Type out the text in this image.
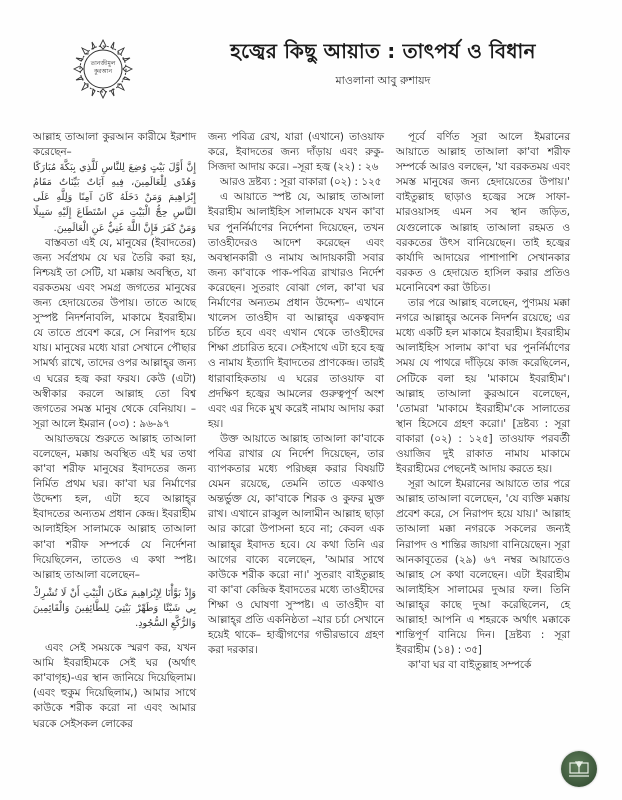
তানজীমুল কুরআন
হজ্বের কিছু আয়াত : তাৎপর্য ও বিধান
মাওলানা আবু রুশায়দ

আল্লাহ তাআলা কুরআন কারীমে ইরশাদ করেছেন–

إِنَّ أَوَّلَ بَيْتٍ وُضِعَ لِلنَّاسِ لَلَّذِي بِبَكَّةَ مُبَارَكًا وَهُدًى لِلْعَالَمِينَ، فِيهِ آيَاتٌ بَيِّنَاتٌ مَقَامُ إِبْرَاهِيمَ وَمَنْ دَخَلَهُ كَانَ آمِنًا وَلِلَّهِ عَلَى النَّاسِ حِجُّ الْبَيْتِ مَنِ اسْتَطَاعَ إِلَيْهِ سَبِيلًا وَمَنْ كَفَرَ فَإِنَّ اللَّهَ غَنِيٌّ عَنِ الْعَالَمِينَ.

বাস্তবতা এই যে, মানুষের (ইবাদতের) জন্য সর্বপ্রথম যে ঘর তৈরি করা হয়, নিশ্চয়ই তা সেটি, যা মক্কায় অবস্থিত, যা বরকতময় এবং সমগ্র জগতের মানুষের জন্য হেদায়েতের উপায়। তাতে আছে সুস্পষ্ট নিদর্শনাবলি, মাকামে ইবরাহীম। যে তাতে প্রবেশ করে, সে নিরাপদ হয়ে যায়। মানুষের মধ্যে যারা সেখানে পৌছার সামর্থ্য রাখে, তাদের ওপর আল্লাহ্‌র জন্য এ ঘরের হজ্ব করা ফরয। কেউ (এটা) অস্বীকার করলে আল্লাহ তো বিশ্ব জগতের সমস্ত মানুষ থেকে বেনিয়ায। –সূরা আলে ইমরান (০৩) : ৯৬-৯৭

আয়াতদ্বয়ে শুরুতে আল্লাহ তাআলা বলেছেন, মক্কায় অবস্থিত এই ঘর তথা কা'বা শরীফ মানুষের ইবাদতের জন্য নির্মিত প্রথম ঘর। কা'বা ঘর নির্মাণের উদ্দেশ্য হল, এটা হবে আল্লাহ্‌র ইবাদতের অন্যতম প্রধান কেন্দ্র। ইবরাহীম আলাইহিস সালামকে আল্লাহ তাআলা কা'বা শরীফ সম্পর্কে যে নির্দেশনা দিয়েছিলেন, তাতেও এ কথা স্পষ্ট। আল্লাহ তাআলা বলেছেন–

وَإِذْ بَوَّأْنَا لِإِبْرَاهِيمَ مَكَانَ الْبَيْتِ أَنْ لَا تُشْرِكْ بِي شَيْئًا وَطَهِّرْ بَيْتِيَ لِلطَّائِفِينَ وَالْقَائِمِينَ وَالرُّكَّعِ السُّجُودِ.

এবং সেই সময়কে স্মরণ কর, যখন আমি ইবরাহীমকে সেই ঘর (অর্থাৎ কা'বাগৃহ)-এর স্থান জানিয়ে দিয়েছিলাম। (এবং হুকুম দিয়েছিলাম,) আমার সাথে কাউকে শরীক করো না এবং আমার ঘরকে সেইসকল লোকের

জন্য পবিত্র রেখ, যারা (এখানে) তাওয়াফ করে, ইবাদতের জন্য দাঁড়ায় এবং রুকু-সিজদা আদায় করে। –সূরা হজ্ব (২২) : ২৬

আরও দ্রষ্টব্য : সূরা বাকারা (০২) : ১২৫

এ আয়াতে স্পষ্ট যে, আল্লাহ তাআলা ইবরাহীম আলাইহিস সালামকে যখন কা'বা ঘর পুনর্নির্মাণের নির্দেশনা দিয়েছেন, তখন তাওহীদেরও আদেশ করেছেন এবং অবস্থানকারী ও নামায আদায়কারী সবার জন্য কা'বাকে পাক-পবিত্র রাখারও নির্দেশ করেছেন। সুতরাং বোঝা গেল, কা'বা ঘর নির্মাণের অন্যতম প্রধান উদ্দেশ্য– এখানে খালেস তাওহীদ বা আল্লাহ্‌র একত্ববাদ চর্চিত হবে এবং এখান থেকে তাওহীদের শিক্ষা প্রচারিত হবে। সেইসাথে এটা হবে হজ্ব ও নামায ইত্যাদি ইবাদতের প্রাণকেন্দ্র। তারই ধারাবাহিকতায় এ ঘরের তাওয়াফ বা প্রদক্ষিণ হজ্বের আমলের গুরুত্বপূর্ণ অংশ এবং এর দিকে মুখ করেই নামায আদায় করা হয়।

উক্ত আয়াতে আল্লাহ তাআলা কা'বাকে পবিত্র রাখার যে নির্দেশ দিয়েছেন, তার ব্যাপকতার মধ্যে পরিচ্ছন্ন করার বিষয়টি যেমন রয়েছে, তেমনি তাতে একথাও অন্তর্ভুক্ত যে, কা'বাকে শিরক ও কুফর মুক্ত রাখ। এখানে রাব্বুল আলামীন আল্লাহ ছাড়া আর কারো উপাসনা হবে না; কেবল এক আল্লাহ্‌র ইবাদত হবে। যে কথা তিনি এর আগের বাক্যে বলেছেন, 'আমার সাথে কাউকে শরীক করো না।' সুতরাং বাইতুল্লাহ বা কা'বা কেন্দ্রিক ইবাদতের মধ্যে তাওহীদের শিক্ষা ও ঘোষণা সুস্পষ্ট। এ তাওহীদ বা আল্লাহ্‌র প্রতি একনিষ্ঠতা –যার চর্চা সেখানে হয়েই থাকে– হাজ্বীগণের গভীরভাবে গ্রহণ করা দরকার।

পূর্বে বর্ণিত সূরা আলে ইমরানের আয়াতে আল্লাহ তাআলা কা'বা শরীফ সম্পর্কে আরও বলছেন, 'যা বরকতময় এবং সমস্ত মানুষের জন্য হেদায়েতের উপায়।' বাইতুল্লাহ ছাড়াও হজ্বের সঙ্গে সাফা-মারওয়াসহ এমন সব স্থান জড়িত, যেগুলোকে আল্লাহ তাআলা রহমত ও বরকতের উৎস বানিয়েছেন। তাই হজ্বের কার্যাদি আদায়ের পাশাপাশি সেখানকার বরকত ও হেদায়েত হাসিল করার প্রতিও মনোনিবেশ করা উচিত।

তার পরে আল্লাহ বলেছেন, পুণ্যময় মক্কা নগরে আল্লাহ্‌র অনেক নিদর্শন রয়েছে; এর মধ্যে একটি হল মাকামে ইবরাহীম। ইবরাহীম আলাইহিস সালাম কা'বা ঘর পুনর্নির্মাণের সময় যে পাথরে দাঁড়িয়ে কাজ করেছিলেন, সেটিকে বলা হয় 'মাকামে ইবরাহীম'। আল্লাহ তাআলা কুরআনে বলেছেন, 'তোমরা 'মাকামে ইবরাহীম'কে সালাতের স্থান হিসেবে গ্রহণ করো।' [দ্রষ্টব্য : সূরা বাকারা (০২) : ১২৫] তাওয়াফ পরবর্তী ওয়াজিব দুই রাকাত নামায মাকামে ইবরাহীমের পেছনেই আদায় করতে হয়।

সূরা আলে ইমরানের আয়াতে তার পরে আল্লাহ তাআলা বলেছেন, 'যে ব্যক্তি মক্কায় প্রবেশ করে, সে নিরাপদ হয়ে যায়।' আল্লাহ তাআলা মক্কা নগরকে সকলের জন্যই নিরাপদ ও শান্তির জায়গা বানিয়েছেন। সূরা আনকাবূতের (২৯) ৬৭ নম্বর আয়াতেও আল্লাহ সে কথা বলেছেন। এটা ইবরাহীম আলাইহিস সালামের দুআর ফল। তিনি আল্লাহ্‌র কাছে দুআ করেছিলেন, হে আল্লাহ! আপনি এ শহরকে অর্থাৎ মক্কাকে শান্তিপূর্ণ বানিয়ে দিন। [দ্রষ্টব্য : সূরা ইবরাহীম (১৪) : ৩৫]

কা'বা ঘর বা বাইতুল্লাহ সম্পর্কে
